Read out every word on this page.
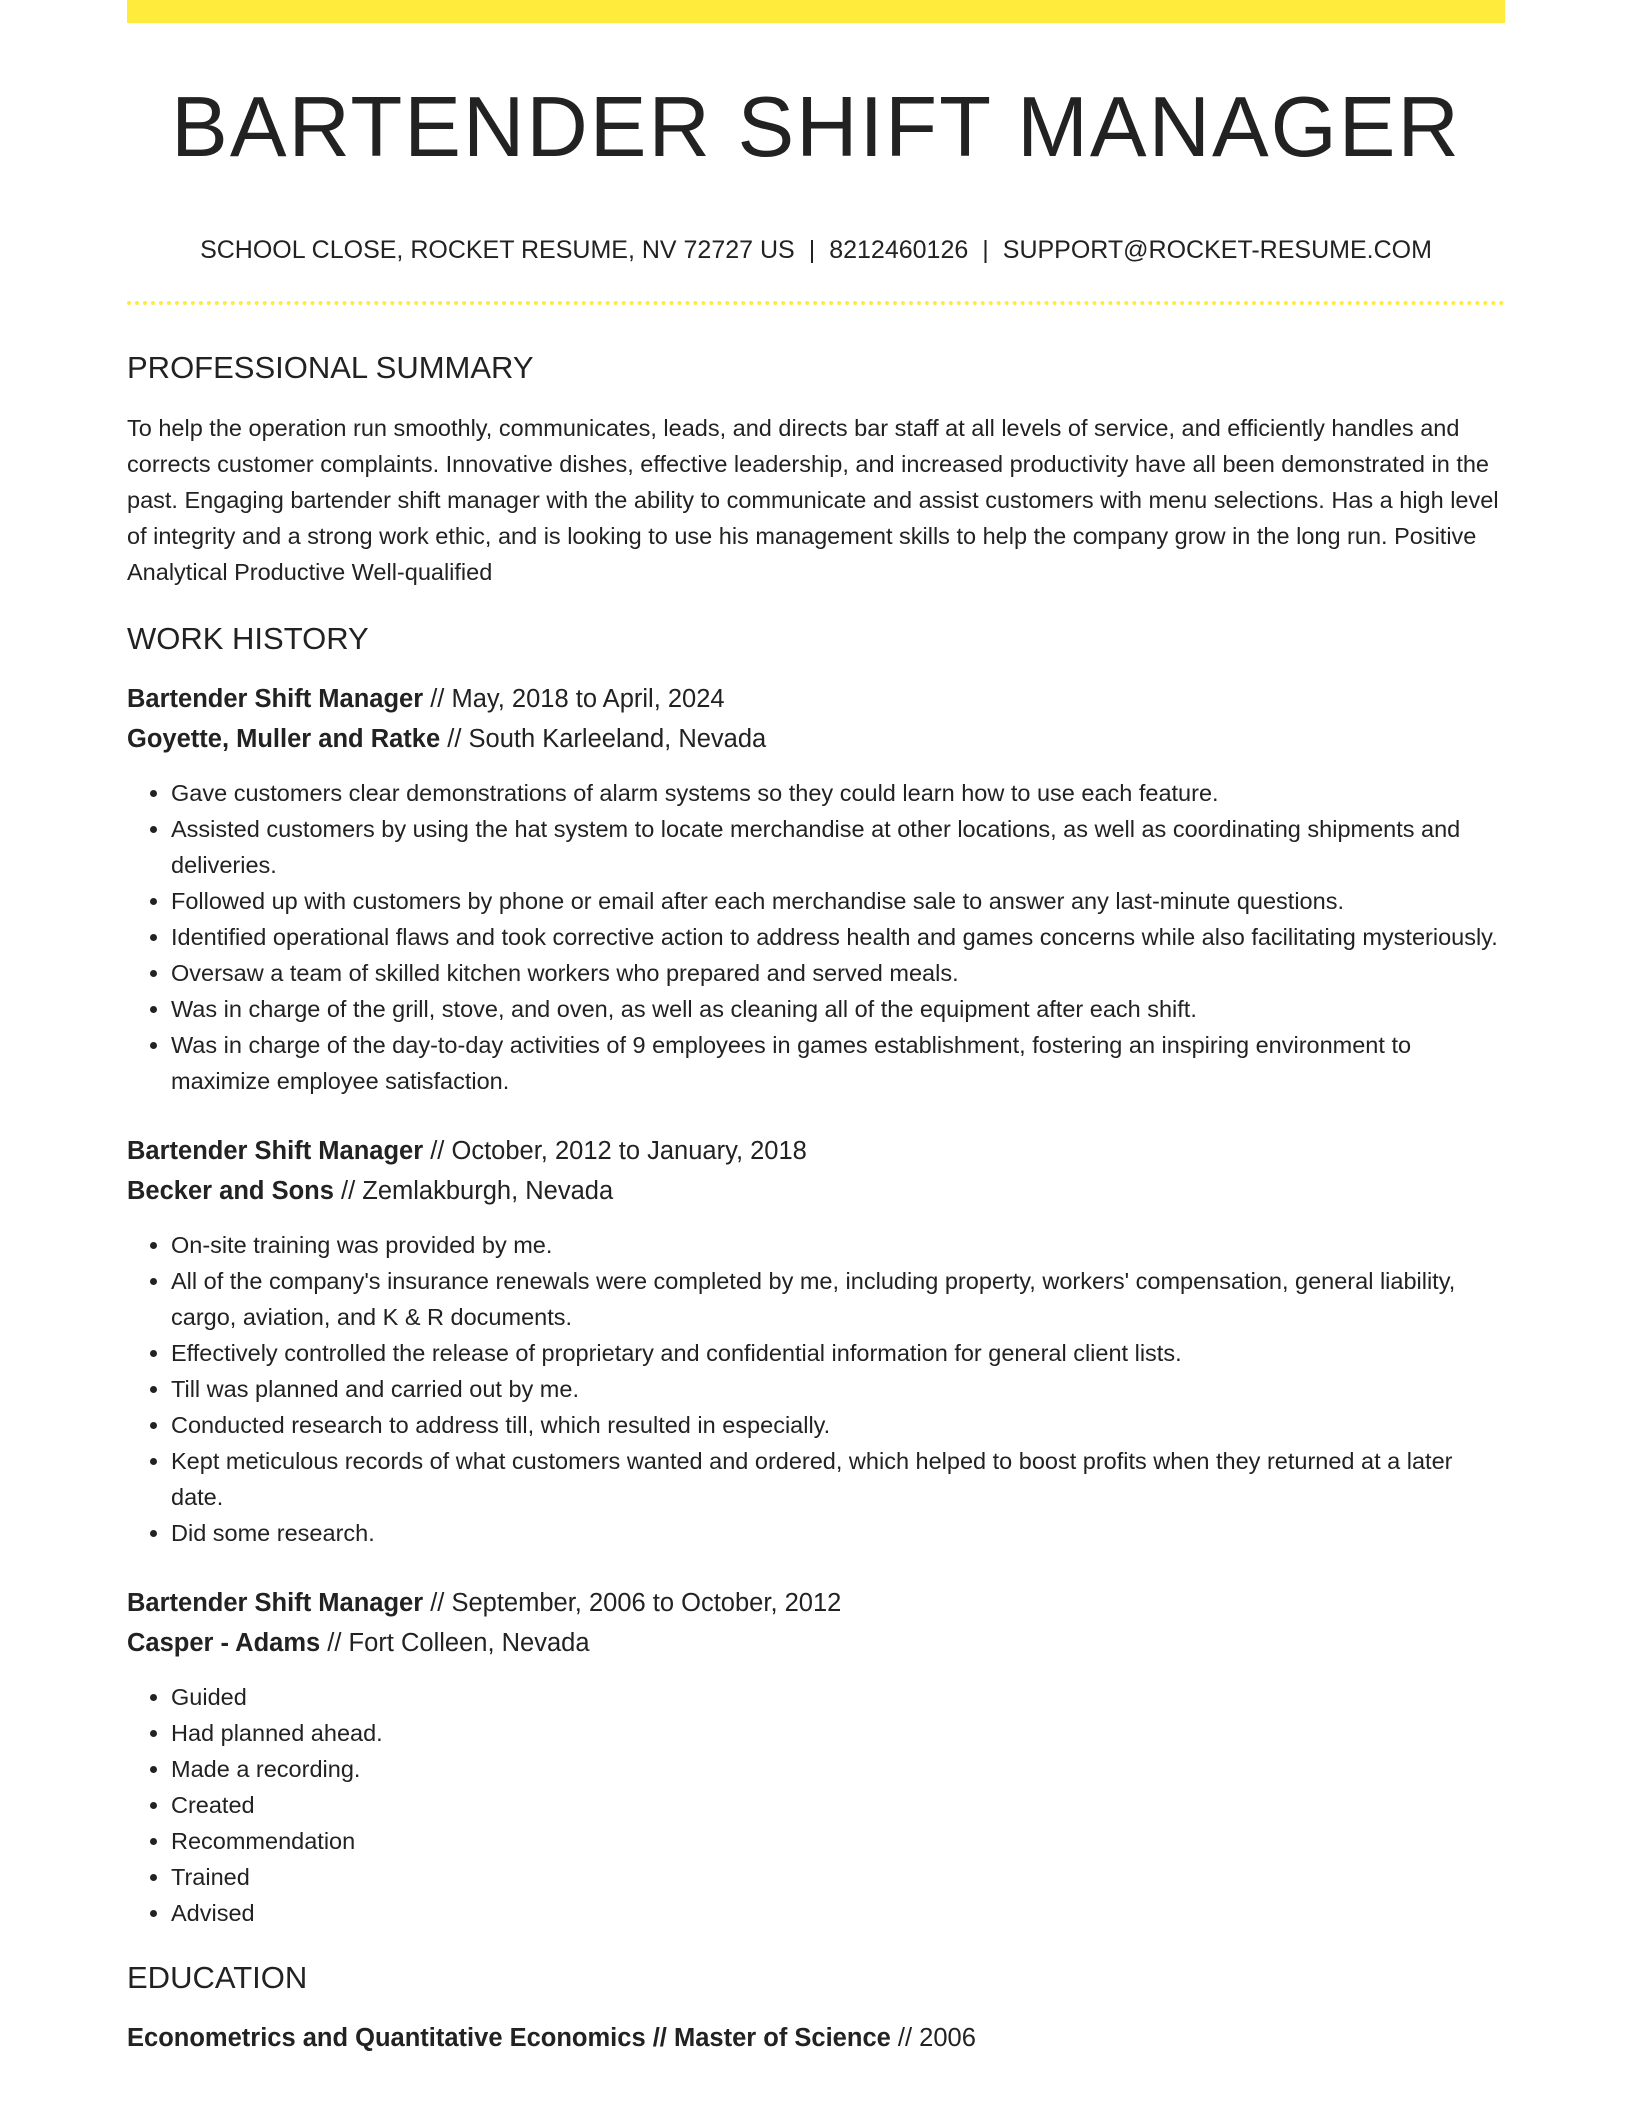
BARTENDER SHIFT MANAGER
SCHOOL CLOSE, ROCKET RESUME, NV 72727 US | 8212460126 | SUPPORT@ROCKET-RESUME.COM
PROFESSIONAL SUMMARY
To help the operation run smoothly, communicates, leads, and directs bar staff at all levels of service, and efficiently handles and corrects customer complaints. Innovative dishes, effective leadership, and increased productivity have all been demonstrated in the past. Engaging bartender shift manager with the ability to communicate and assist customers with menu selections. Has a high level of integrity and a strong work ethic, and is looking to use his management skills to help the company grow in the long run. Positive Analytical Productive Well-qualified
WORK HISTORY
Bartender Shift Manager // May, 2018 to April, 2024
Goyette, Muller and Ratke // South Karleeland, Nevada
• Gave customers clear demonstrations of alarm systems so they could learn how to use each feature.
• Assisted customers by using the hat system to locate merchandise at other locations, as well as coordinating shipments and deliveries.
• Followed up with customers by phone or email after each merchandise sale to answer any last-minute questions.
• Identified operational flaws and took corrective action to address health and games concerns while also facilitating mysteriously.
• Oversaw a team of skilled kitchen workers who prepared and served meals.
• Was in charge of the grill, stove, and oven, as well as cleaning all of the equipment after each shift.
• Was in charge of the day-to-day activities of 9 employees in games establishment, fostering an inspiring environment to maximize employee satisfaction.
Bartender Shift Manager // October, 2012 to January, 2018
Becker and Sons // Zemlakburgh, Nevada
• On-site training was provided by me.
• All of the company's insurance renewals were completed by me, including property, workers' compensation, general liability, cargo, aviation, and K & R documents.
• Effectively controlled the release of proprietary and confidential information for general client lists.
• Till was planned and carried out by me.
• Conducted research to address till, which resulted in especially.
• Kept meticulous records of what customers wanted and ordered, which helped to boost profits when they returned at a later date.
• Did some research.
Bartender Shift Manager // September, 2006 to October, 2012
Casper - Adams // Fort Colleen, Nevada
• Guided
• Had planned ahead.
• Made a recording.
• Created
• Recommendation
• Trained
• Advised
EDUCATION
Econometrics and Quantitative Economics // Master of Science // 2006
